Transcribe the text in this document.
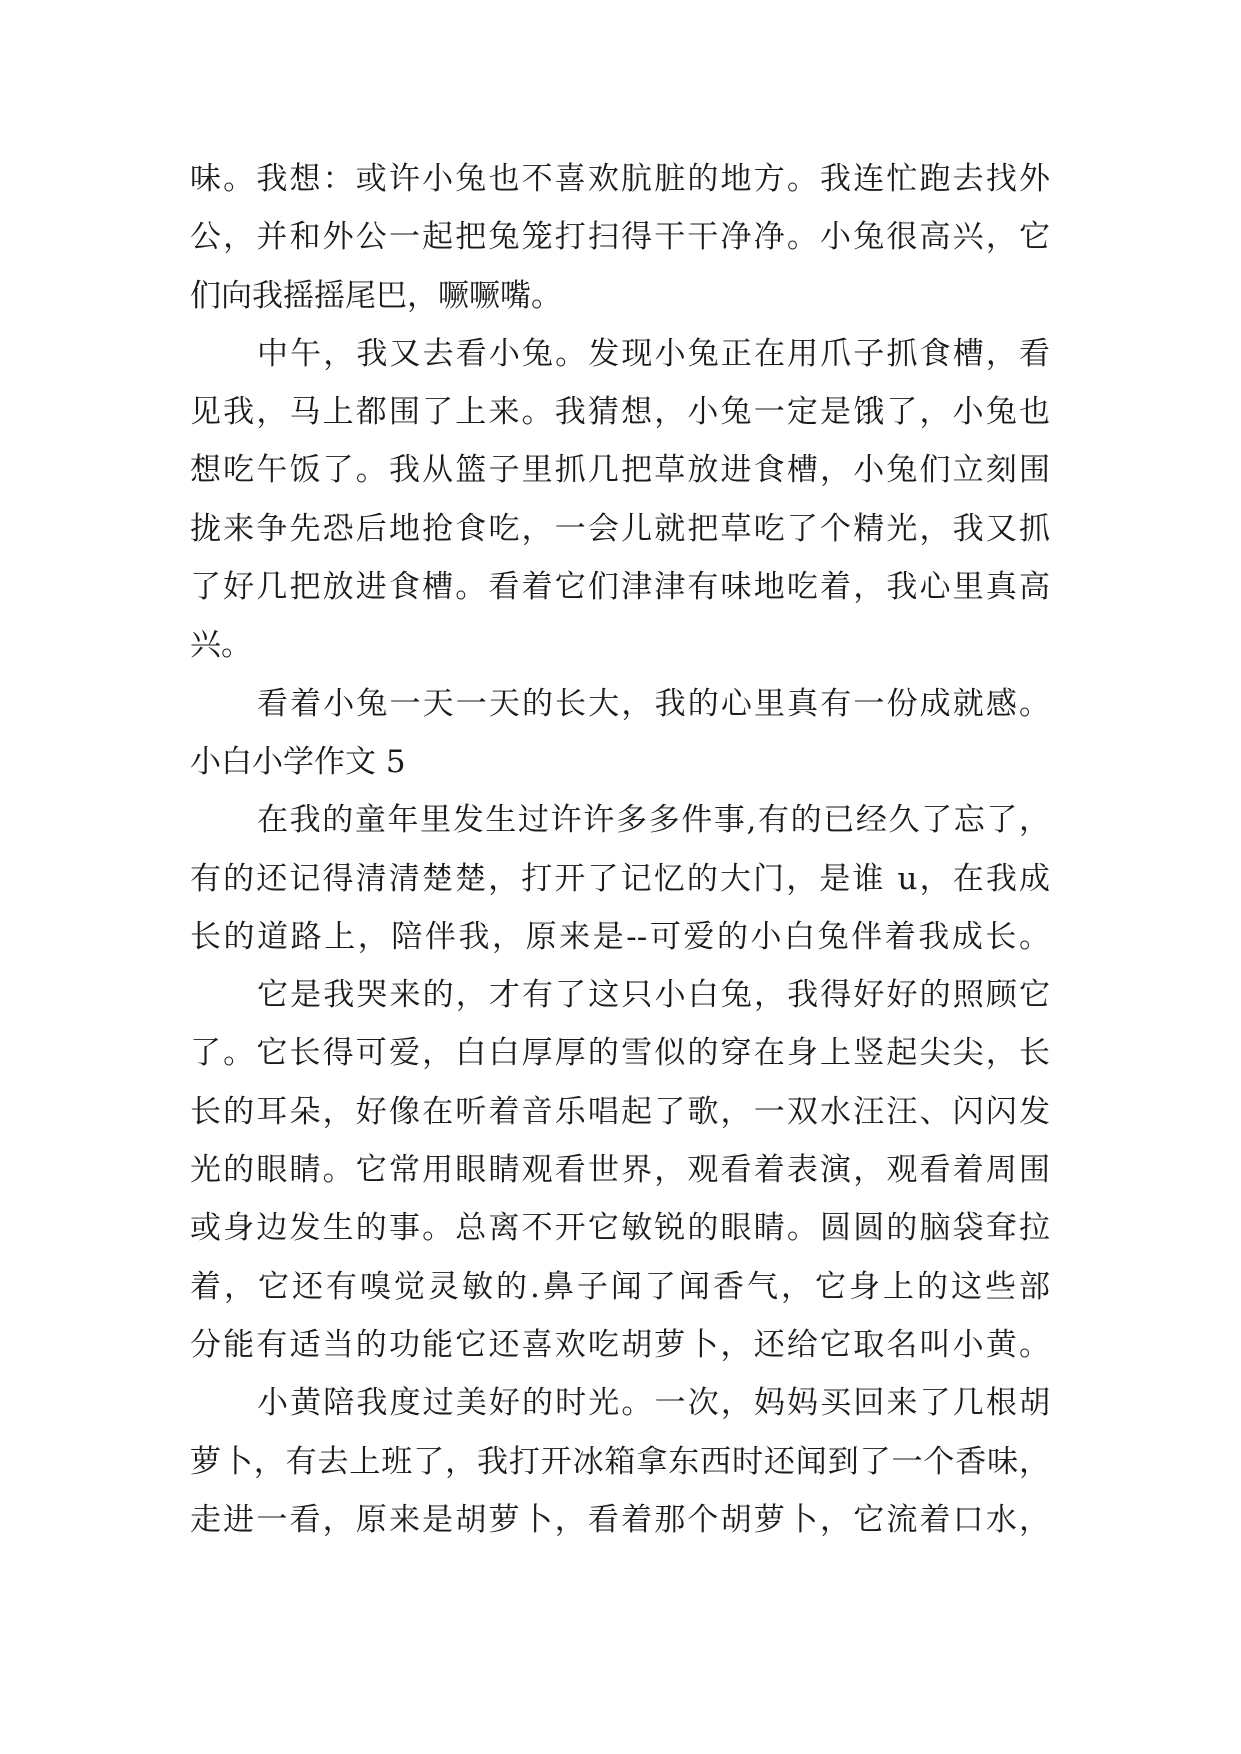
味。我想：或许小兔也不喜欢肮脏的地方。我连忙跑去找外
公，并和外公一起把兔笼打扫得干干净净。小兔很高兴，它
们向我摇摇尾巴，噘噘嘴。
中午，我又去看小兔。发现小兔正在用爪子抓食槽，看
见我，马上都围了上来。我猜想，小兔一定是饿了，小兔也
想吃午饭了。我从篮子里抓几把草放进食槽，小兔们立刻围
拢来争先恐后地抢食吃，一会儿就把草吃了个精光，我又抓
了好几把放进食槽。看着它们津津有味地吃着，我心里真高
兴。
看着小兔一天一天的长大，我的心里真有一份成就感。
小白小学作文 5
在我的童年里发生过许许多多件事,有的已经久了忘了，
有的还记得清清楚楚，打开了记忆的大门，是谁 u，在我成
长的道路上，陪伴我，原来是--可爱的小白兔伴着我成长。
它是我哭来的，才有了这只小白兔，我得好好的照顾它
了。它长得可爱，白白厚厚的雪似的穿在身上竖起尖尖，长
长的耳朵，好像在听着音乐唱起了歌，一双水汪汪、闪闪发
光的眼睛。它常用眼睛观看世界，观看着表演，观看着周围
或身边发生的事。总离不开它敏锐的眼睛。圆圆的脑袋耷拉
着，它还有嗅觉灵敏的.鼻子闻了闻香气，它身上的这些部
分能有适当的功能它还喜欢吃胡萝卜，还给它取名叫小黄。
小黄陪我度过美好的时光。一次，妈妈买回来了几根胡
萝卜，有去上班了，我打开冰箱拿东西时还闻到了一个香味，
走进一看，原来是胡萝卜，看着那个胡萝卜，它流着口水，
